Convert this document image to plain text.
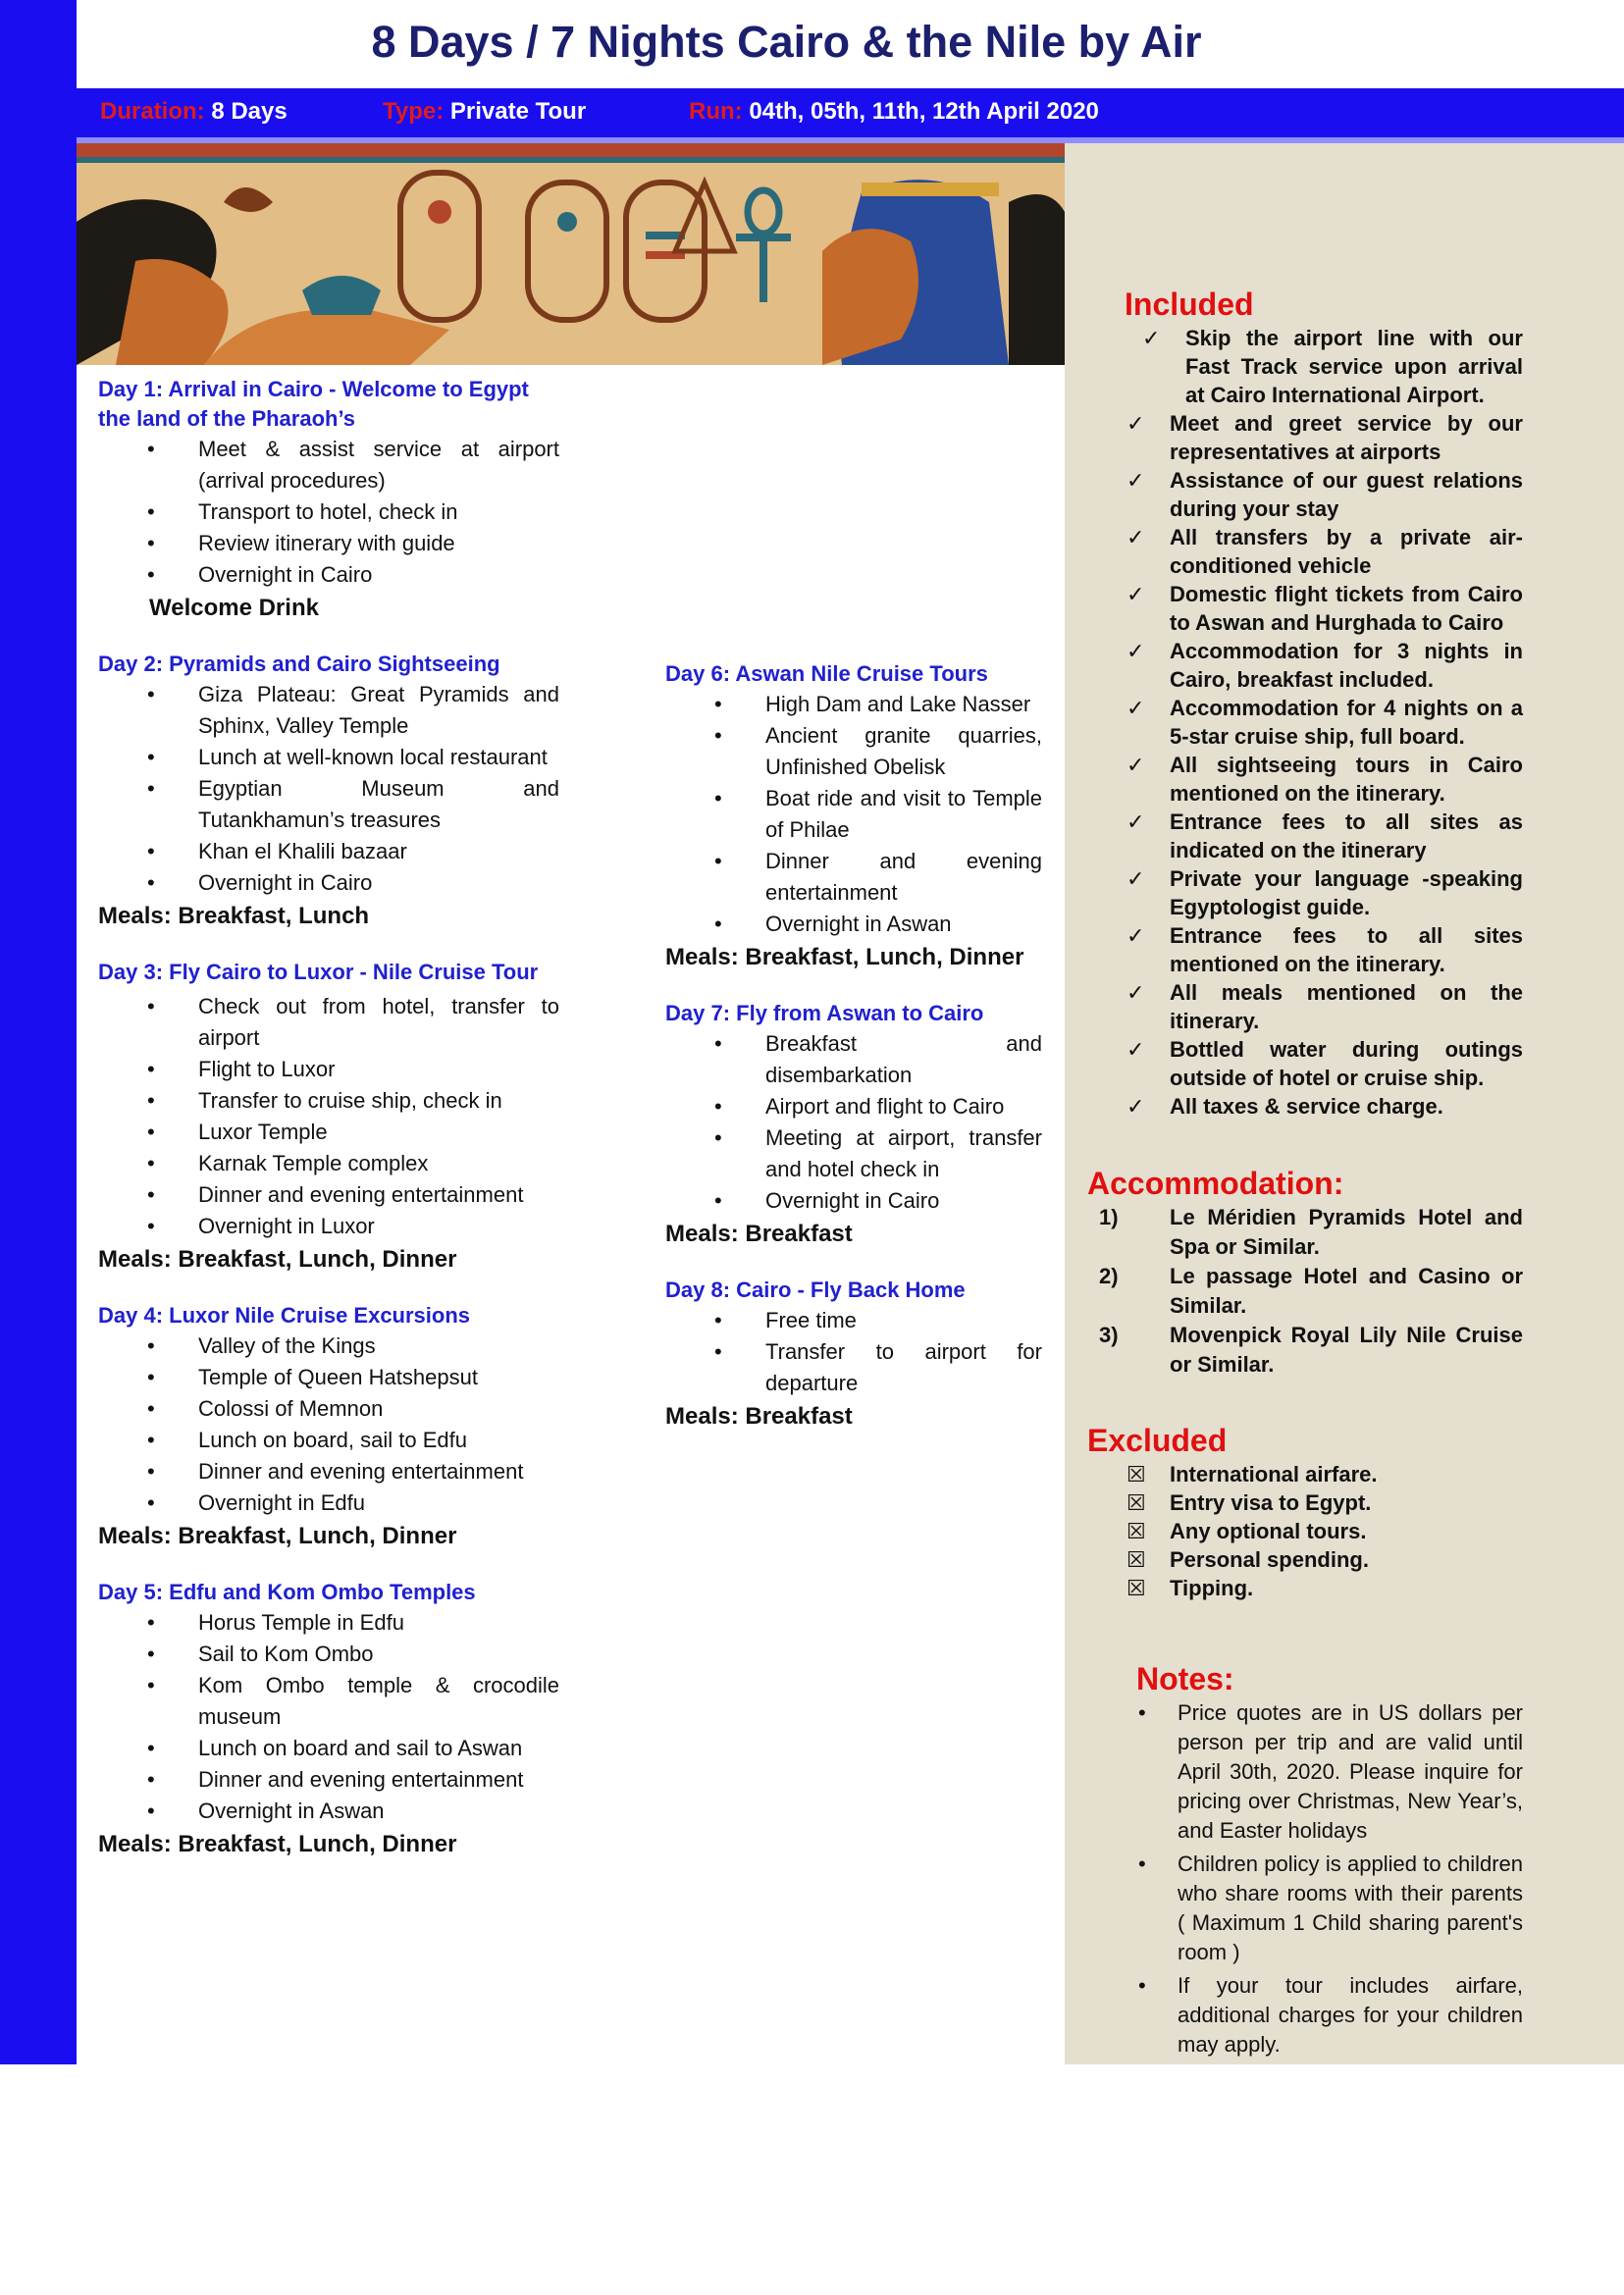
8 Days / 7 Nights Cairo & the Nile by Air
Duration: 8 Days	Type: Private Tour	Run: 04th, 05th, 11th, 12th April 2020
Day 1: Arrival in Cairo - Welcome to Egypt the land of the Pharaoh’s
• Meet & assist service at airport (arrival procedures)
• Transport to hotel, check in
• Review itinerary with guide
• Overnight in Cairo
Welcome Drink
Day 2: Pyramids and Cairo Sightseeing
• Giza Plateau: Great Pyramids and Sphinx, Valley Temple
• Lunch at well-known local restaurant
• Egyptian Museum and Tutankhamun’s treasures
• Khan el Khalili bazaar
• Overnight in Cairo
Meals: Breakfast, Lunch
Day 3: Fly Cairo to Luxor - Nile Cruise Tour
• Check out from hotel, transfer to airport
• Flight to Luxor
• Transfer to cruise ship, check in
• Luxor Temple
• Karnak Temple complex
• Dinner and evening entertainment
• Overnight in Luxor
Meals: Breakfast, Lunch, Dinner
Day 4: Luxor Nile Cruise Excursions
• Valley of the Kings
• Temple of Queen Hatshepsut
• Colossi of Memnon
• Lunch on board, sail to Edfu
• Dinner and evening entertainment
• Overnight in Edfu
Meals: Breakfast, Lunch, Dinner
Day 5: Edfu and Kom Ombo Temples
• Horus Temple in Edfu
• Sail to Kom Ombo
• Kom Ombo temple & crocodile museum
• Lunch on board and sail to Aswan
• Dinner and evening entertainment
• Overnight in Aswan
Meals: Breakfast, Lunch, Dinner
Day 6: Aswan Nile Cruise Tours
• High Dam and Lake Nasser
• Ancient granite quarries, Unfinished Obelisk
• Boat ride and visit to Temple of Philae
• Dinner and evening entertainment
• Overnight in Aswan
Meals: Breakfast, Lunch, Dinner
Day 7: Fly from Aswan to Cairo
• Breakfast and disembarkation
• Airport and flight to Cairo
• Meeting at airport, transfer and hotel check in
• Overnight in Cairo
Meals: Breakfast
Day 8: Cairo - Fly Back Home
• Free time
• Transfer to airport for departure
Meals: Breakfast
Included
✓ Skip the airport line with our Fast Track service upon arrival at Cairo International Airport.
✓ Meet and greet service by our representatives at airports
✓ Assistance of our guest relations during your stay
✓ All transfers by a private air-conditioned vehicle
✓ Domestic flight tickets from Cairo to Aswan and Hurghada to Cairo
✓ Accommodation for 3 nights in Cairo, breakfast included.
✓ Accommodation for 4 nights on a 5-star cruise ship, full board.
✓ All sightseeing tours in Cairo mentioned on the itinerary.
✓ Entrance fees to all sites as indicated on the itinerary
✓ Private your language -speaking Egyptologist guide.
✓ Entrance fees to all sites mentioned on the itinerary.
✓ All meals mentioned on the itinerary.
✓ Bottled water during outings outside of hotel or cruise ship.
✓ All taxes & service charge.
Accommodation:
1) Le Méridien Pyramids Hotel and Spa or Similar.
2) Le passage Hotel and Casino or Similar.
3) Movenpick Royal Lily Nile Cruise or Similar.
Excluded
☒ International airfare.
☒ Entry visa to Egypt.
☒ Any optional tours.
☒ Personal spending.
☒ Tipping.
Notes:
• Price quotes are in US dollars per person per trip and are valid until April 30th, 2020. Please inquire for pricing over Christmas, New Year’s, and Easter holidays
• Children policy is applied to children who share rooms with their parents ( Maximum 1 Child sharing parent's room )
• If your tour includes airfare, additional charges for your children may apply.
